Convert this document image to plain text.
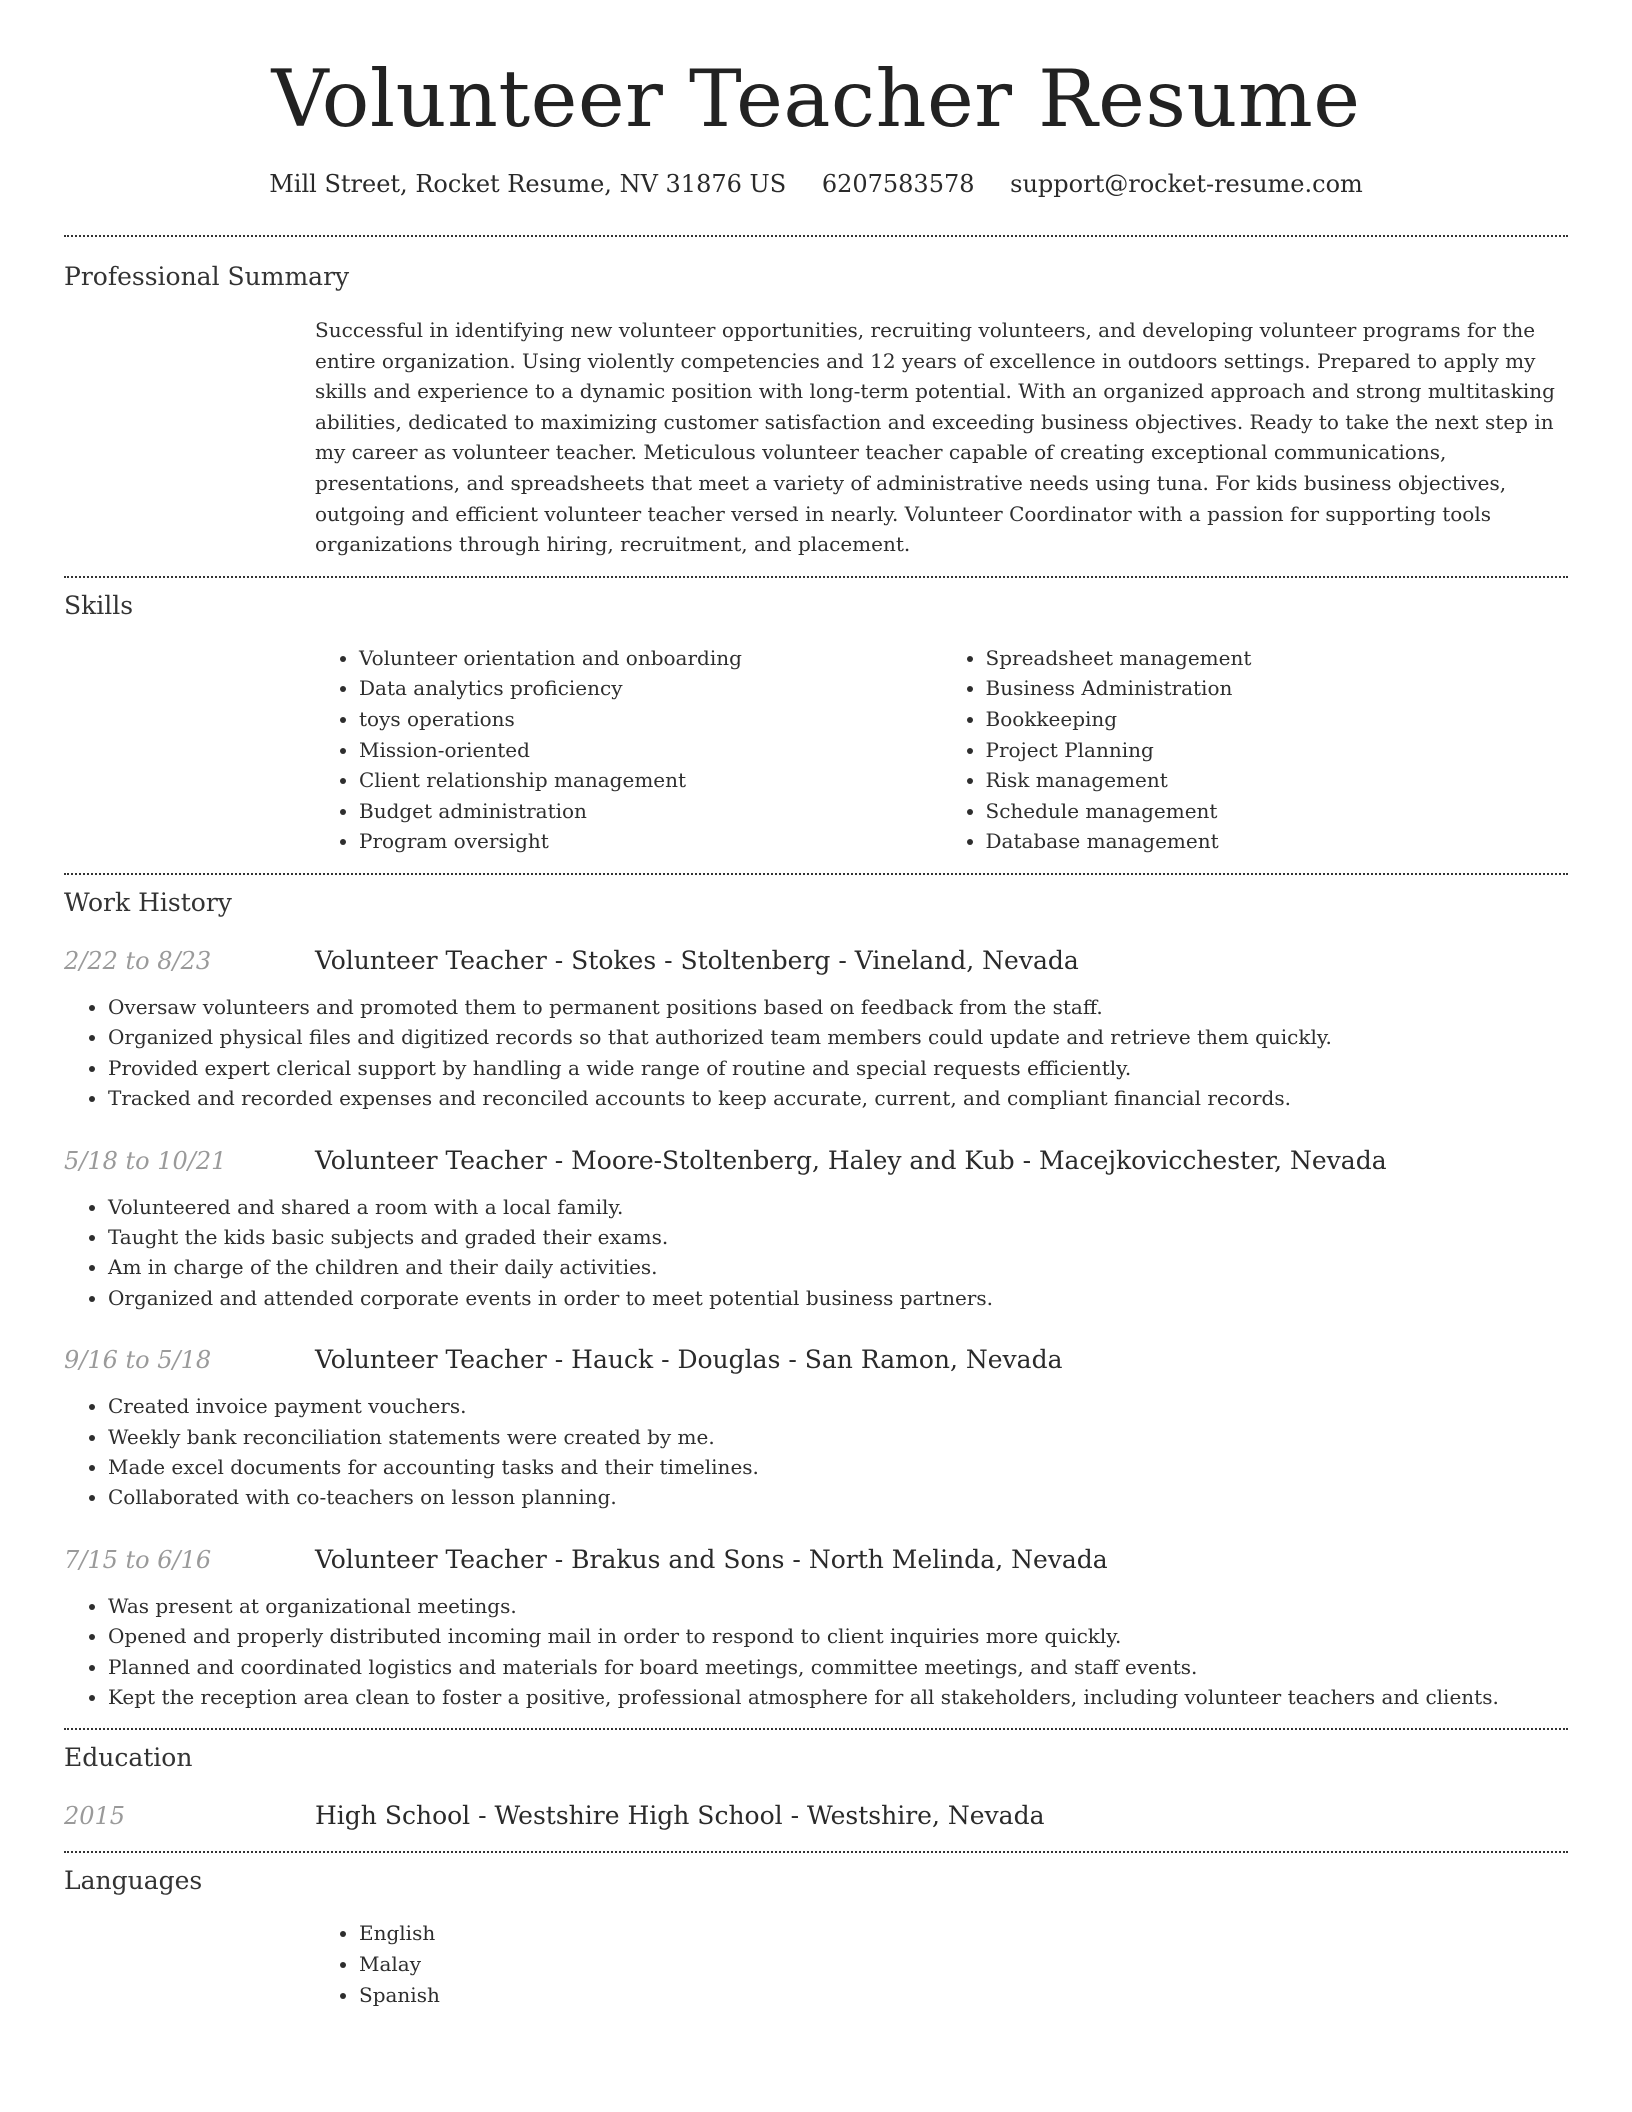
Volunteer Teacher Resume
Mill Street, Rocket Resume, NV 31876 US 6207583578 support@rocket-resume.com
Professional Summary

Successful in identifying new volunteer opportunities, recruiting volunteers, and developing volunteer programs for the entire organization. Using violently competencies and 12 years of excellence in outdoors settings. Prepared to apply my skills and experience to a dynamic position with long-term potential. With an organized approach and strong multitasking abilities, dedicated to maximizing customer satisfaction and exceeding business objectives. Ready to take the next step in my career as volunteer teacher. Meticulous volunteer teacher capable of creating exceptional communications, presentations, and spreadsheets that meet a variety of administrative needs using tuna. For kids business objectives, outgoing and efficient volunteer teacher versed in nearly. Volunteer Coordinator with a passion for supporting tools organizations through hiring, recruitment, and placement.

Skills
• Volunteer orientation and onboarding
• Data analytics proficiency
• toys operations
• Mission-oriented
• Client relationship management
• Budget administration
• Program oversight
• Spreadsheet management
• Business Administration
• Bookkeeping
• Project Planning
• Risk management
• Schedule management
• Database management
Work History
2/22 to 8/23	Volunteer Teacher - Stokes - Stoltenberg - Vineland, Nevada
• Oversaw volunteers and promoted them to permanent positions based on feedback from the staff.
• Organized physical files and digitized records so that authorized team members could update and retrieve them quickly.
• Provided expert clerical support by handling a wide range of routine and special requests efficiently.
• Tracked and recorded expenses and reconciled accounts to keep accurate, current, and compliant financial records.
5/18 to 10/21	Volunteer Teacher - Moore-Stoltenberg, Haley and Kub - Macejkovicchester, Nevada
• Volunteered and shared a room with a local family.
• Taught the kids basic subjects and graded their exams.
• Am in charge of the children and their daily activities.
• Organized and attended corporate events in order to meet potential business partners.
9/16 to 5/18	Volunteer Teacher - Hauck - Douglas - San Ramon, Nevada
• Created invoice payment vouchers.
• Weekly bank reconciliation statements were created by me.
• Made excel documents for accounting tasks and their timelines.
• Collaborated with co-teachers on lesson planning.
7/15 to 6/16	Volunteer Teacher - Brakus and Sons - North Melinda, Nevada
• Was present at organizational meetings.
• Opened and properly distributed incoming mail in order to respond to client inquiries more quickly.
• Planned and coordinated logistics and materials for board meetings, committee meetings, and staff events.
• Kept the reception area clean to foster a positive, professional atmosphere for all stakeholders, including volunteer teachers and clients.
Education
2015	High School - Westshire High School - Westshire, Nevada
Languages
• English
• Malay
• Spanish
